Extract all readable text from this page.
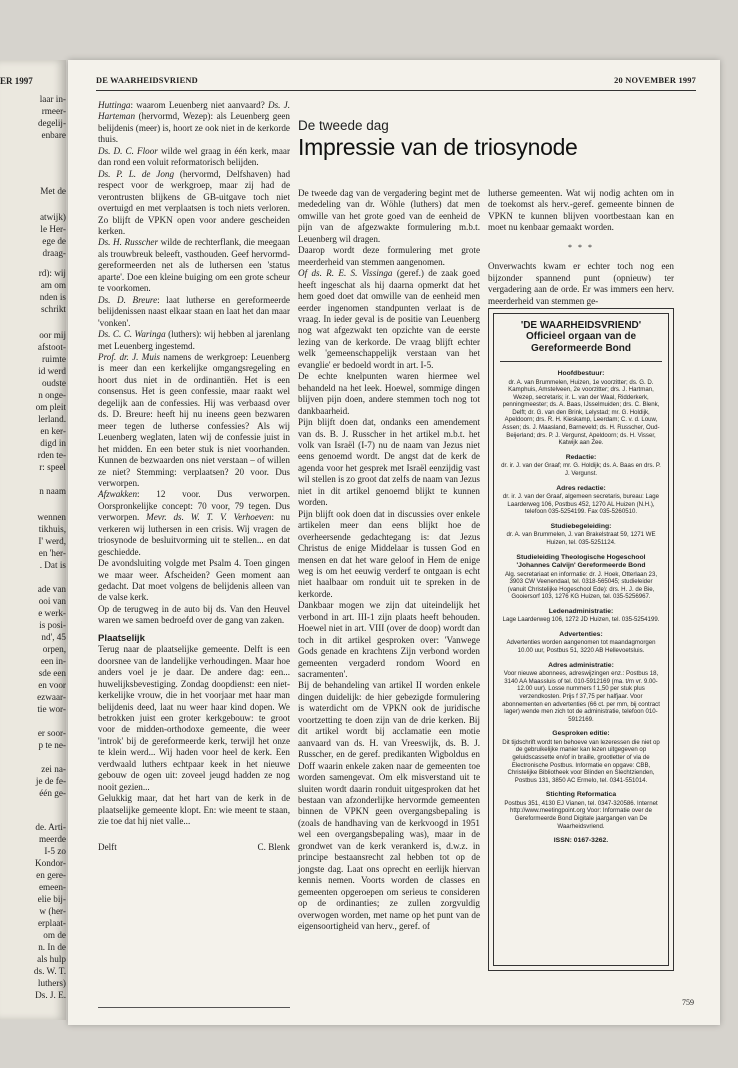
ER 1997
laar in-
rmeer-
degelij-
enbare
Met de
atwijk)
le Her-
ege de
draag-
rd): wij
am om
nden is
schrikt
oor mij
afstoot-
ruimte
id werd
oudste
n onge-
om pleit
lerland.
en ker-
digd in
rden te-
r: speel
n naam
wennen
tikhuis,
I' werd,
en 'her-
. Dat is
ade van
ooi van
e werk-
is posi-
nd', 45
orpen,
een in-
sde een
en voor
ezwaar-
tie wor-
er soor-
p te ne-
zei na-
je de fe-
één ge-
de. Arti-
meerde
I-5 zo
Kondor-
en gere-
emeen-
elie bij-
w (her-
erplaat-
om de
n. In de
als hulp
ds. W. T.
luthers)
Ds. J. E.
DE WAARHEIDSVRIEND	20 NOVEMBER 1997

Huttinga: waarom Leuenberg niet aanvaard? Ds. J. Harteman (hervormd, Wezep): als Leuenberg geen belijdenis (meer) is, hoort ze ook niet in de kerkorde thuis.

Ds. D. C. Floor wilde wel graag in één kerk, maar dan rond een voluit reformatorisch belijden.

Ds. P. L. de Jong (hervormd, Delfshaven) had respect voor de werkgroep, maar zij had de verontrusten blijkens de GB-uitgave toch niet overtuigd en met verplaatsen is toch niets verloren. Zo blijft de VPKN open voor andere gescheiden kerken.

Ds. H. Russcher wilde de rechterflank, die meegaan als trouwbreuk beleeft, vasthouden. Geef hervormd-gereformeerden net als de luthersen een 'status aparte'. Doe een kleine buiging om een grote scheur te voorkomen.

Ds. D. Breure: laat lutherse en gereformeerde belijdenissen naast elkaar staan en laat het dan maar 'vonken'.

Ds. C. C. Waringa (luthers): wij hebben al jarenlang met Leuenberg ingestemd.

Prof. dr. J. Muis namens de werkgroep: Leuenberg is meer dan een kerkelijke omgangsregeling en hoort dus niet in de ordinantiën. Het is een consensus. Het is geen confessie, maar raakt wel degelijk aan de confessies. Hij was verbaasd over ds. D. Breure: heeft hij nu ineens geen bezwaren meer tegen de lutherse confessies? Als wij Leuenberg weglaten, laten wij de confessie juist in het midden. En een beter stuk is niet voorhanden. Kunnen de bezwaarden ons niet verstaan – of willen ze niet? Stemming: verplaatsen? 20 voor. Dus verworpen.

Afzwakken: 12 voor. Dus verworpen. Oorspronkelijke concept: 70 voor, 79 tegen. Dus verworpen. Mevr. ds. W. T. V. Verhoeven: nu verkeren wij luthersen in een crisis. Wij vragen de triosynode de besluitvorming uit te stellen... en dat geschiedde.

De avondsluiting volgde met Psalm 4. Toen gingen we maar weer. Afscheiden? Geen moment aan gedacht. Dat moet volgens de belijdenis alleen van de valse kerk.

Op de terugweg in de auto bij ds. Van den Heuvel waren we samen bedroefd over de gang van zaken.

Plaatselijk

Terug naar de plaatselijke gemeente. Delft is een doorsnee van de landelijke verhoudingen. Maar hoe anders voel je je daar. De andere dag: een... huwelijksbevestiging. Zondag doopdienst: een niet-kerkelijke vrouw, die in het voorjaar met haar man belijdenis deed, laat nu weer haar kind dopen. We betrokken juist een groter kerkgebouw: te groot voor de midden-orthodoxe gemeente, die weer 'introk' bij de gereformeerde kerk, terwijl het onze te klein werd... Wij haden voor heel de kerk. Een verdwaald luthers echtpaar keek in het nieuwe gebouw de ogen uit: zoveel jeugd hadden ze nog nooit gezien...

Gelukkig maar, dat het hart van de kerk in de plaatselijke gemeente klopt. En: wie meent te staan, zie toe dat hij niet valle...

Delft	C. Blenk

De tweede dag
Impressie van de triosynode

De tweede dag van de vergadering begint met de mededeling van dr. Wöhle (luthers) dat men omwille van het grote goed van de eenheid de pijn van de afgezwakte formulering m.b.t. Leuenberg wil dragen.

Daarop wordt deze formulering met grote meerderheid van stemmen aangenomen.

Of ds. R. E. S. Vissinga (geref.) de zaak goed heeft ingeschat als hij daarna opmerkt dat het hem goed doet dat omwille van de eenheid men eerder ingenomen standpunten verlaat is de vraag. In ieder geval is de positie van Leuenberg nog wat afgezwakt ten opzichte van de eerste lezing van de kerkorde. De vraag blijft echter welk 'gemeenschappelijk verstaan van het evanglie' er bedoeld wordt in art. I-5.

De echte knelpunten waren hiermee wel behandeld na het leek. Hoewel, sommige dingen blijven pijn doen, andere stemmen toch nog tot dankbaarheid.

Pijn blijft doen dat, ondanks een amendement van ds. B. J. Russcher in het artikel m.b.t. het volk van Israël (I-7) nu de naam van Jezus niet eens genoemd wordt. De angst dat de kerk de agenda voor het gesprek met Israël eenzijdig vast wil stellen is zo groot dat zelfs de naam van Jezus niet in dit artikel genoemd blijkt te kunnen worden.

Pijn blijft ook doen dat in discussies over enkele artikelen meer dan eens blijkt hoe de overheersende gedachtegang is: dat Jezus Christus de enige Middelaar is tussen God en mensen en dat het ware geloof in Hem de enige weg is om het eeuwig verderf te ontgaan is echt niet haalbaar om ronduit uit te spreken in de kerkorde.

Dankbaar mogen we zijn dat uiteindelijk het verbond in art. III-1 zijn plaats heeft behouden. Hoewel niet in art. VIII (over de doop) wordt dan toch in dit artikel gesproken over: 'Vanwege Gods genade en krachtens Zijn verbond worden gemeenten vergaderd rondom Woord en sacramenten'.

Bij de behandeling van artikel II worden enkele dingen duidelijk: de hier gebezigde formulering is waterdicht om de VPKN ook de juridische voortzetting te doen zijn van de drie kerken. Bij dit artikel wordt bij acclamatie een motie aanvaard van ds. H. van Vreeswijk, ds. B. J. Russcher, en de geref. predikanten Wigboldus en Doff waarin enkele zaken naar de gemeenten toe worden samengevat. Om elk misverstand uit te sluiten wordt daarin ronduit uitgesproken dat het bestaan van afzonderlijke hervormde gemeenten binnen de VPKN geen overgangsbepaling is (zoals de handhaving van de kerkvoogd in 1951 wel een overgangsbepaling was), maar in de grondwet van de kerk verankerd is, d.w.z. in principe bestaansrecht zal hebben tot op de jongste dag. Laat ons oprecht en eerlijk hiervan kennis nemen. Voorts worden de classes en gemeenten opgeroepen om serieus te consideren op de ordinanties; ze zullen zorgvuldig overwogen worden, met name op het punt van de eigensoortigheid van herv., geref. of

lutherse gemeenten. Wat wij nodig achten om in de toekomst als herv.-geref. gemeente binnen de VPKN te kunnen blijven voortbestaan kan en moet nu kenbaar gemaakt worden.

* * *

Onverwachts kwam er echter toch nog een bijzonder spannend punt (opnieuw) ter vergadering aan de orde. Er was immers een herv. meerderheid van stemmen ge-

'DE WAARHEIDSVRIEND'
Officieel orgaan van de Gereformeerde Bond
Hoofdbestuur:
dr. A. van Brummelen, Huizen, 1e voorzitter; ds. G. D. Kamphuis, Amstelveen, 2e voorzitter; drs. J. Hartman, Wezep, secretaris; ir. L. van der Waal, Ridderkerk, penningmeester; ds. A. Baas, IJsselmuiden; drs. C. Blenk, Delft; dr. G. van den Brink, Lelystad; mr. G. Holdijk, Apeldoorn; drs. R. H. Kieskamp, Leerdam; C. v. d. Louw, Assen; ds. J. Maasland, Barneveld; ds. H. Russcher, Oud-Beijerland; drs. P. J. Vergunst, Apeldoorn; ds. H. Visser, Katwijk aan Zee.
Redactie:
dr. ir. J. van der Graaf; mr. G. Holdijk; ds. A. Baas en drs. P. J. Vergunst.
Adres redactie:
dr. ir. J. van der Graaf, algemeen secretaris, bureau: Lage Laarderweg 106, Postbus 452, 1270 AL Huizen (N.H.), telefoon 035-5254199. Fax 035-5260510.
Studiebegeleiding:
dr. A. van Brummelen, J. van Brakelstraat 59, 1271 WE Huizen, tel. 035-5251124.
Studieleiding Theologische Hogeschool 'Johannes Calvijn' Gereformeerde Bond
Alg. secretariaat en informatie: dr. J. Hoek, Otterlaan 23, 3903 CW Veenendaal, tel. 0318-565045; studieleider (vanuit Christelijke Hogeschool Ede): drs. H. J. de Bie, Gooiersorf 103, 1276 KG Huizen, tel. 035-5256967.
Ledenadministratie:
Lage Laarderweg 106, 1272 JD Huizen, tel. 035-5254199.
Advertenties:
Advertenties worden aangenomen tot maandagmorgen 10.00 uur, Postbus 51, 3220 AB Hellevoetsluis.
Adres administratie:
Voor nieuwe abonnees, adreswijzingen enz.: Postbus 18, 3140 AA Maassluis of tel. 010-5912169 (ma. t/m vr. 9.00-12.00 uur). Losse nummers f 1,50 per stuk plus verzendkosten. Prijs f 37,75 per halfjaar. Voor abonnementen en advertenties (66 ct. per mm, bij contract lager) wende men zich tot de administratie, telefoon 010-5912169.
Gesproken editie:
Dit tijdschrift wordt ten behoeve van lezeressen die niet op de gebruikelijke manier kan lezen uitgegeven op geluidscassette en/of in braille, grootletter of via de Electronische Postbus. Informatie en opgave: CBB, Christelijke Bibliotheek voor Blinden en Slechtzienden, Postbus 131, 3850 AC Ermelo, tel. 0341-551014.
Stichting Reformatica
Postbus 351, 4130 EJ Vianen, tel. 0347-320586. Internet http://www.meetingpoint.org Voor: Informatie over de Gereformeerde Bond Digitale jaargangen van De Waarheidsvriend.
ISSN: 0167-3262.
759
